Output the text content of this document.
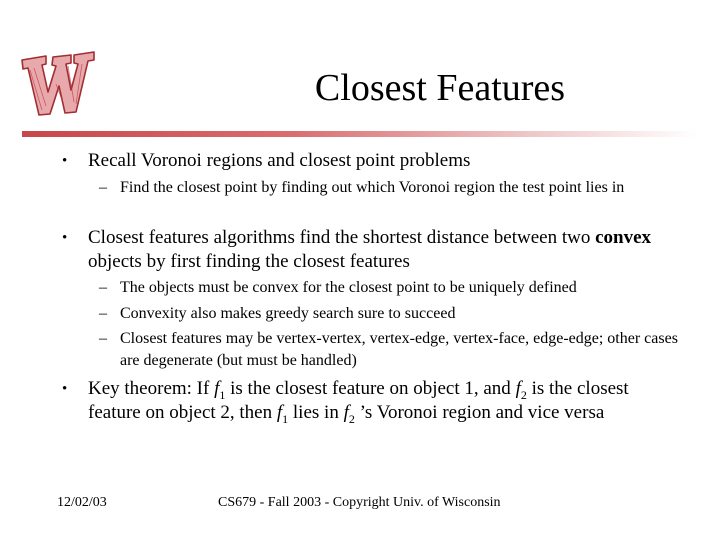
Closest Features
• Recall Voronoi regions and closest point problems
– Find the closest point by finding out which Voronoi region the test point lies in
• Closest features algorithms find the shortest distance between two convex objects by first finding the closest features
– The objects must be convex for the closest point to be uniquely defined
– Convexity also makes greedy search sure to succeed
– Closest features may be vertex-vertex, vertex-edge, vertex-face, edge-edge; other cases are degenerate (but must be handled)
• Key theorem: If $f_1$ is the closest feature on object 1, and $f_2$ is the closest feature on object 2, then $f_1$ lies in $f_2$ ’s Voronoi region and vice versa
12/02/03	CS679 - Fall 2003 - Copyright Univ. of Wisconsin
